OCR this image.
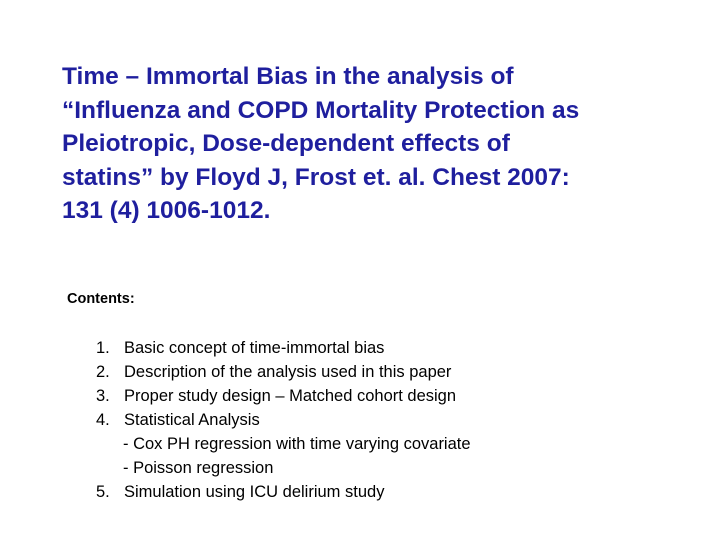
Time – Immortal Bias in the analysis of
“Influenza and COPD Mortality Protection as
Pleiotropic, Dose-dependent effects of
statins” by Floyd J, Frost et. al. Chest 2007:
131 (4) 1006-1012.

Contents:

1. Basic concept of time-immortal bias
2. Description of the analysis used in this paper
3. Proper study design – Matched cohort design
4. Statistical Analysis
- Cox PH regression with time varying covariate
- Poisson regression
5. Simulation using ICU delirium study
